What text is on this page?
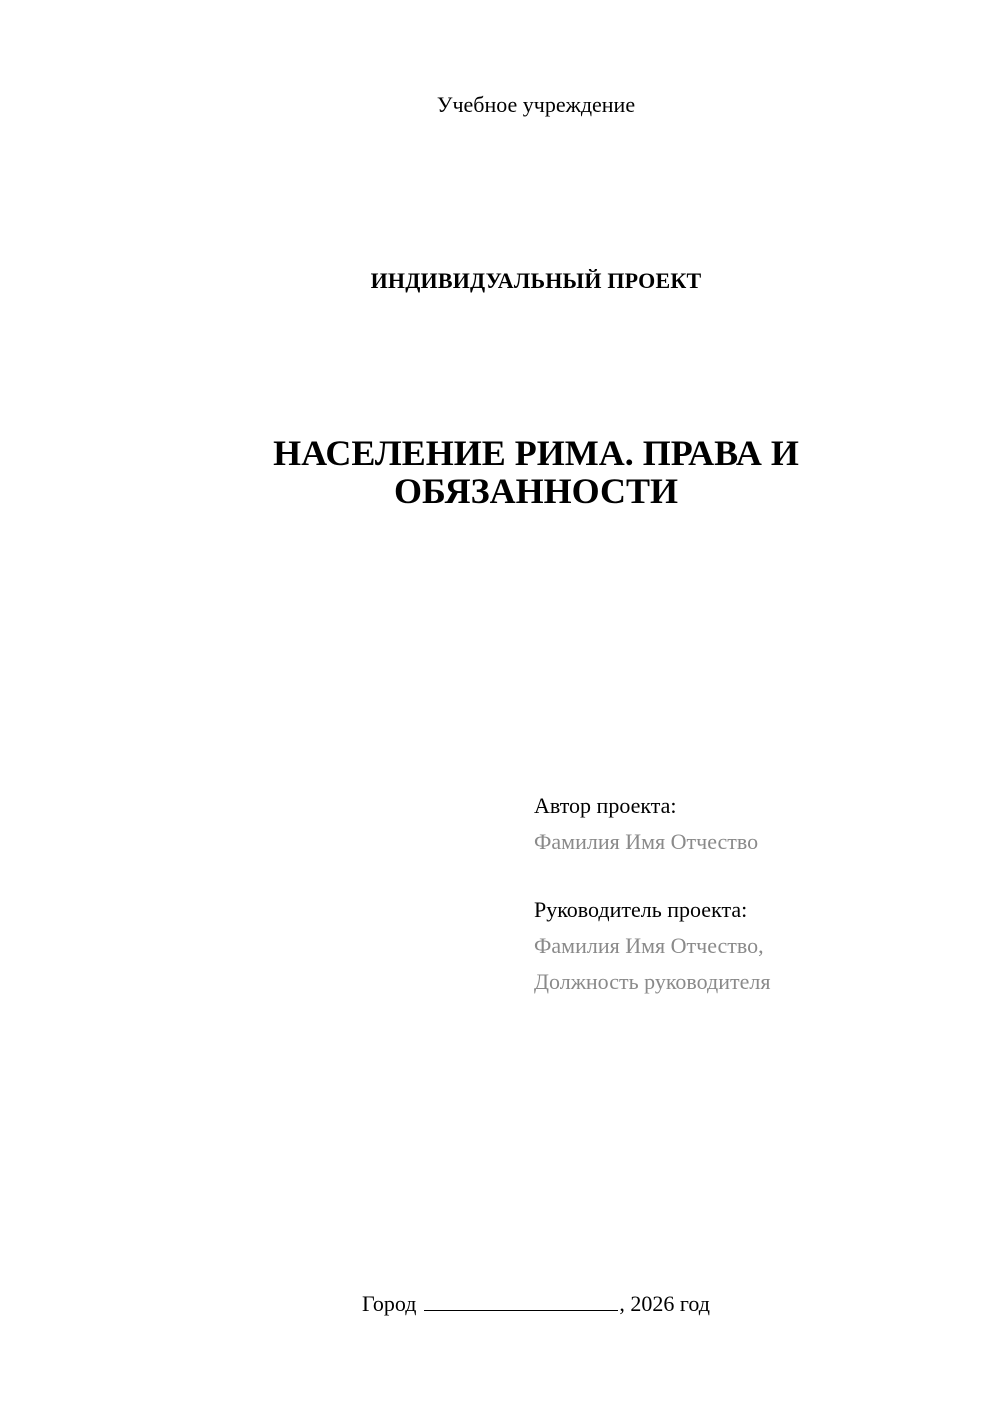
Учебное учреждение
ИНДИВИДУАЛЬНЫЙ ПРОЕКТ
НАСЕЛЕНИЕ РИМА. ПРАВА И
ОБЯЗАННОСТИ
Автор проекта:
Фамилия Имя Отчество
Руководитель проекта:
Фамилия Имя Отчество,
Должность руководителя
Город	, 2026 год
